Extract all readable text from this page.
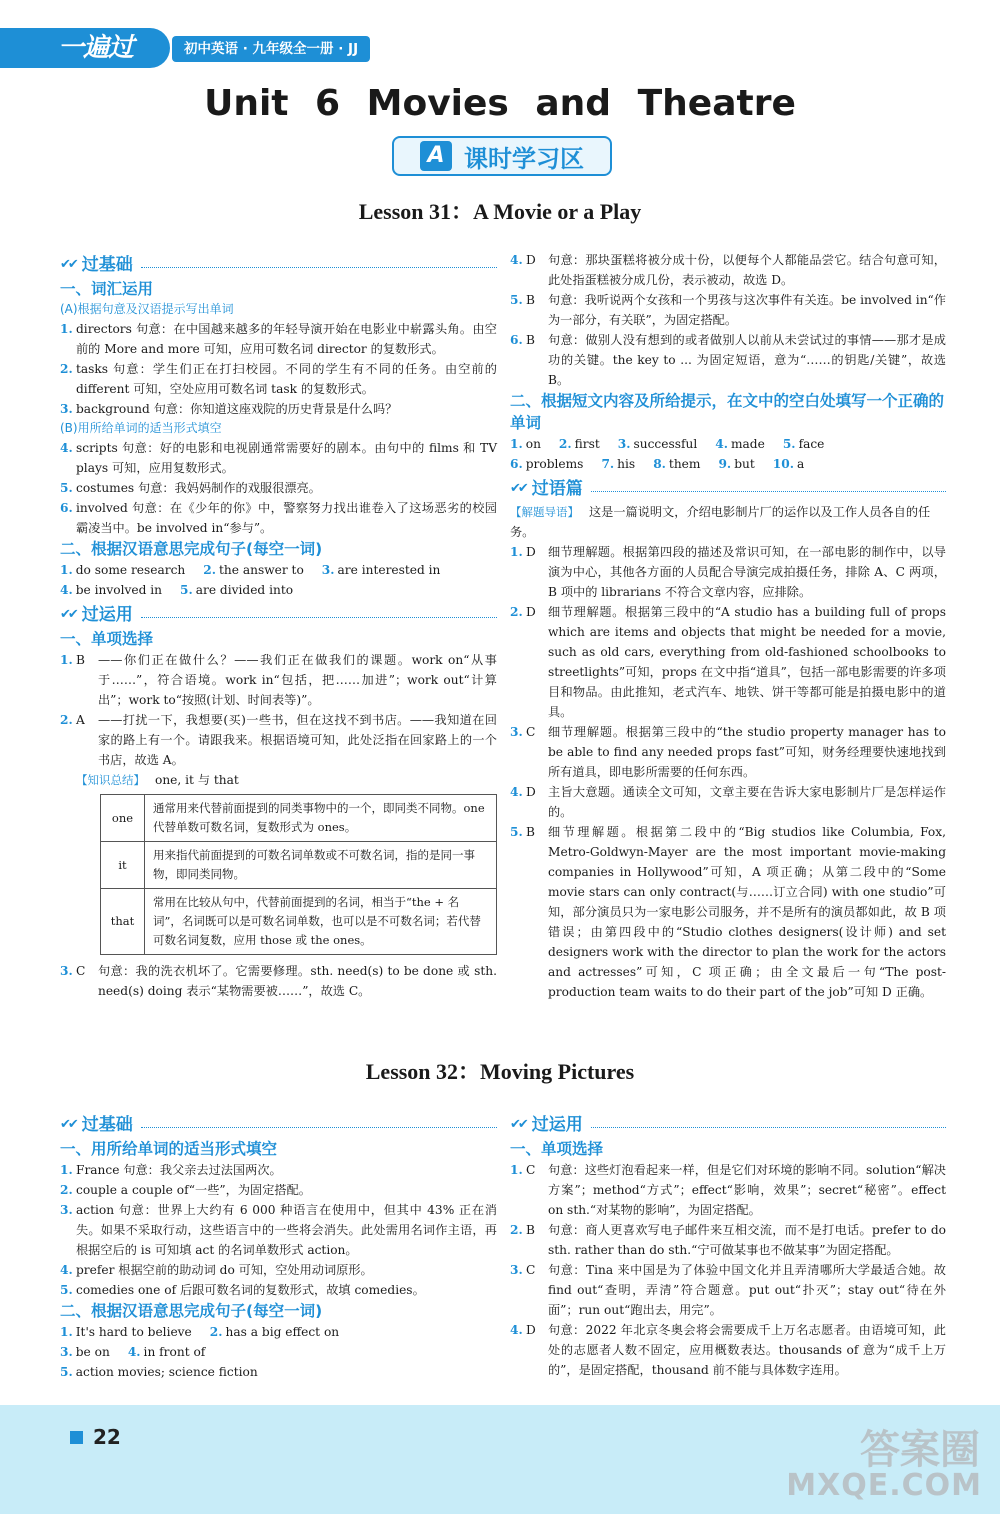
一遍过	初中英语 · 九年级全一册 · JJ
Unit 6 Movies and Theatre
A 课时学习区
Lesson 31：A Movie or a Play
✔✔ 过基础
一、词汇运用
(A)根据句意及汉语提示写出单词
1. directors 句意：在中国越来越多的年轻导演开始在电影业中崭露头角。由空前的 More and more 可知，应用可数名词 director 的复数形式。
2. tasks 句意：学生们正在打扫校园。不同的学生有不同的任务。由空前的 different 可知，空处应用可数名词 task 的复数形式。
3. background 句意：你知道这座戏院的历史背景是什么吗？
(B)用所给单词的适当形式填空
4. scripts 句意：好的电影和电视剧通常需要好的剧本。由句中的 films 和 TV plays 可知，应用复数形式。
5. costumes 句意：我妈妈制作的戏服很漂亮。
6. involved 句意：在《少年的你》中，警察努力找出谁卷入了这场恶劣的校园霸凌当中。be involved in“参与”。
二、根据汉语意思完成句子(每空一词)
1. do some research 2. the answer to 3. are interested in
4. be involved in 5. are divided into
✔✔ 过运用
一、单项选择
1. B ——你们正在做什么？——我们正在做我们的课题。work on“从事于……”，符合语境。work in“包括，把……加进”；work out“计算出”；work to“按照(计划、时间表等)”。
2. A ——打扰一下，我想要(买)一些书，但在这找不到书店。——我知道在回家的路上有一个。请跟我来。根据语境可知，此处泛指在回家路上的一个书店，故选 A。
【知识总结】 one, it 与 that
one	通常用来代替前面提到的同类事物中的一个，即同类不同物。one 代替单数可数名词，复数形式为 ones。
it	用来指代前面提到的可数名词单数或不可数名词，指的是同一事物，即同类同物。
that	常用在比较从句中，代替前面提到的名词，相当于“the + 名词”，名词既可以是可数名词单数，也可以是不可数名词；若代替可数名词复数，应用 those 或 the ones。
3. C 句意：我的洗衣机坏了。它需要修理。sth. need(s) to be done 或 sth. need(s) doing 表示“某物需要被……”，故选 C。
4. D 句意：那块蛋糕将被分成十份，以便每个人都能品尝它。结合句意可知，此处指蛋糕被分成几份，表示被动，故选 D。
5. B 句意：我听说两个女孩和一个男孩与这次事件有关连。be involved in“作为一部分，有关联”，为固定搭配。
6. B 句意：做别人没有想到的或者做别人以前从未尝试过的事情——那才是成功的关键。the key to ... 为固定短语，意为“……的钥匙/关键”，故选 B。
二、根据短文内容及所给提示，在文中的空白处填写一个正确的单词
1. on 2. first 3. successful 4. made 5. face
6. problems 7. his 8. them 9. but 10. a
✔✔ 过语篇
【解题导语】 这是一篇说明文，介绍电影制片厂的运作以及工作人员各自的任务。
1. D 细节理解题。根据第四段的描述及常识可知，在一部电影的制作中，以导演为中心，其他各方面的人员配合导演完成拍摄任务，排除 A、C 两项，B 项中的 librarians 不符合文章内容，应排除。
2. D 细节理解题。根据第三段中的“A studio has a building full of props which are items and objects that might be needed for a movie, such as old cars, everything from old-fashioned schoolbooks to streetlights”可知，props 在文中指“道具”，包括一部电影需要的许多项目和物品。由此推知，老式汽车、地铁、饼干等都可能是拍摄电影中的道具。
3. C 细节理解题。根据第三段中的“the studio property manager has to be able to find any needed props fast”可知，财务经理要快速地找到所有道具，即电影所需要的任何东西。
4. D 主旨大意题。通读全文可知，文章主要在告诉大家电影制片厂是怎样运作的。
5. B 细节理解题。根据第二段中的“Big studios like Columbia, Fox, Metro-Goldwyn-Mayer are the most important movie-making companies in Hollywood”可知，A 项正确；从第二段中的“Some movie stars can only contract(与……订立合同) with one studio”可知，部分演员只为一家电影公司服务，并不是所有的演员都如此，故 B 项错误；由第四段中的“Studio clothes designers(设计师) and set designers work with the director to plan the work for the actors and actresses”可知，C 项正确；由全文最后一句“The post-production team waits to do their part of the job”可知 D 正确。
Lesson 32：Moving Pictures
✔✔ 过基础
一、用所给单词的适当形式填空
1. France 句意：我父亲去过法国两次。
2. couple a couple of“一些”，为固定搭配。
3. action 句意：世界上大约有 6 000 种语言在使用中，但其中 43% 正在消失。如果不采取行动，这些语言中的一些将会消失。此处需用名词作主语，再根据空后的 is 可知填 act 的名词单数形式 action。
4. prefer 根据空前的助动词 do 可知，空处用动词原形。
5. comedies one of 后跟可数名词的复数形式，故填 comedies。
二、根据汉语意思完成句子(每空一词)
1. It's hard to believe 2. has a big effect on
3. be on 4. in front of
5. action movies; science fiction
✔✔ 过运用
一、单项选择
1. C 句意：这些灯泡看起来一样，但是它们对环境的影响不同。solution“解决方案”；method“方式”；effect“影响，效果”；secret“秘密”。effect on sth.“对某物的影响”，为固定搭配。
2. B 句意：商人更喜欢写电子邮件来互相交流，而不是打电话。prefer to do sth. rather than do sth.“宁可做某事也不做某事”为固定搭配。
3. C 句意：Tina 来中国是为了体验中国文化并且弄清哪所大学最适合她。故 find out“查明，弄清”符合题意。put out“扑灭”；stay out“待在外面”；run out“跑出去，用完”。
4. D 句意：2022 年北京冬奥会将会需要成千上万名志愿者。由语境可知，此处的志愿者人数不固定，应用概数表达。thousands of 意为“成千上万的”，是固定搭配，thousand 前不能与具体数字连用。
22	答案圈
MXQE.COM
